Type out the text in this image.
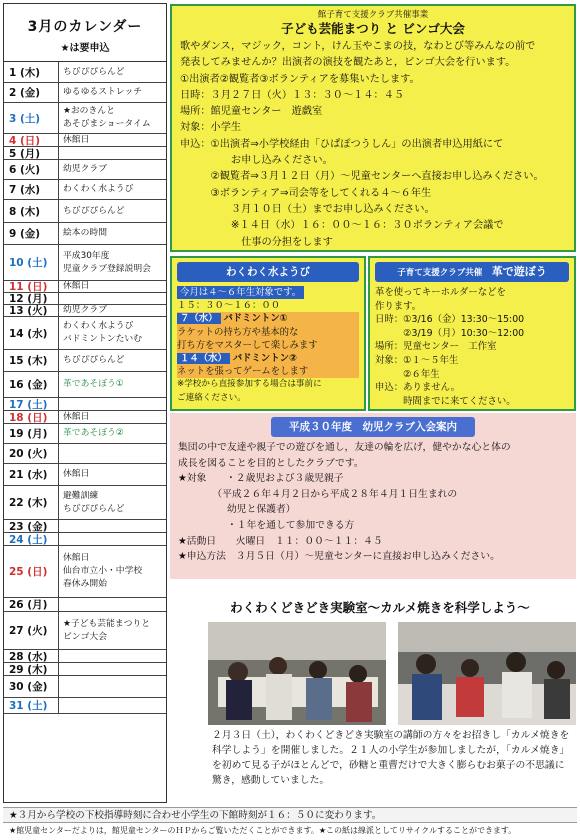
3月のカレンダー
★は要申込
1 (木)	ちびぴぴらんど
2 (金)	ゆるゆるストレッチ
3 (土)
★おのきんと
あそびまショータイム
4 (日)	休館日
5 (月)
6 (火)	幼児クラブ
7 (水)	わくわく水ようび
8 (木)	ちびぴぴらんど
9 (金)	絵本の時間
10 (土)
平成30年度
児童クラブ登録説明会
11 (日)	休館日
12 (月)
13 (火)	幼児クラブ
14 (水)
わくわく水ようび
バドミントンたいむ
15 (木)	ちびぴぴらんど
16 (金)	革であそぼう①
17 (土)
18 (日)	休館日
19 (月)	革であそぼう②
20 (火)
21 (水)	休館日
22 (木)
避難訓練
ちびぴぴらんど
23 (金)
24 (土)
25 (日)
休館日
仙台市立小・中学校
春休み開始
26 (月)
27 (火)
★子ども芸能まつりと
ビンゴ大会
28 (水)
29 (木)
30 (金)
31 (土)
館子育て支援クラブ共催事業
子ども芸能まつり と ビンゴ大会
歌やダンス，マジック，コント，けん玉やこまの技，なわとび等みんなの前で
発表してみませんか？出演者の演技を観たあと，ビンゴ大会を行います。
①出演者②観覧者③ボランティアを募集いたします。
日時：３月２７日（火）１３：３０～１４：４５
場所：館児童センター　遊戯室
対象：小学生
申込：①出演者⇒小学校経由「ひぱぽつうしん」の出演者申込用紙にて
　　　　　お申し込みください。
　　　②観覧者⇒３月１２日（月）～児童センターへ直接お申し込みください。
　　　③ボランティア⇒司会等をしてくれる４～６年生
　　　　　３月１０日（土）までお申し込みください。
　　　　　※１４日（水）１６：００～１６：３０ボランティア会議で
　　　　　　仕事の分担をします
わくわく水ようび
今月は４～６年生対象です。
１５：３０～１６：００
７（水） バドミントン①
ラケットの持ち方や基本的な
打ち方をマスターして楽しみます
１４（水） バドミントン②
ネットを張ってゲームをします
※学校から直接参加する場合は事前に
ご連絡ください。
子育て支援クラブ共催 革で遊ぼう
革を使ってキーホルダーなどを
作ります。
日時：①3/16（金）13:30～15:00
　　　②3/19（月）10:30～12:00
場所：児童センター　工作室
対象：①１～５年生
　　　②６年生
申込：ありません。
　　　時間までに来てください。
平成３０年度　幼児クラブ入会案内
集団の中で友達や親子での遊びを通し，友達の輪を広げ，健やかな心と体の
成長を図ることを目的としたクラブです。
★対象　　・２歳児および３歳児親子
　　　　（平成２６年４月２日から平成２８年４月１日生まれの
　　　　　幼児と保護者）
　　　　　・１年を通して参加できる方
★活動日　　火曜日　１１：００～１１：４５
★申込方法　３月５日（月）～児童センターに直接お申し込みください。
わくわくどきどき実験室～カルメ焼きを科学しよう～
２月３日（土），わくわくどきどき実験室の講師の方々をお招きし「カルメ焼きを
科学しよう」を開催しました。２１人の小学生が参加しましたが，「カルメ焼き」
を初めて見る子がほとんどで，砂糖と重曹だけで大きく膨らむお菓子の不思議に
驚き，感動していました。
★３月から学校の下校指導時刻に合わせ小学生の下館時刻が１６：５０に変わります。
★館児童センターだよりは，館児童センターのＨＰからご覧いただくことができます。★この紙は線派としてリサイクルすることができます。
